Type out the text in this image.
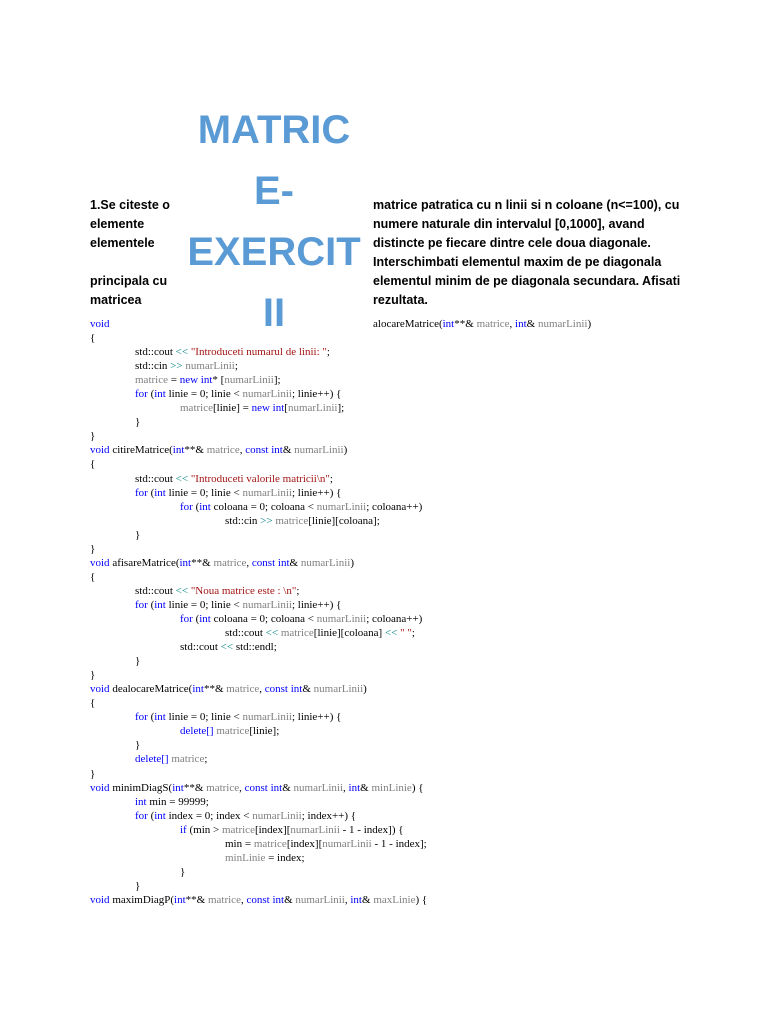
MATRIC
E-
EXERCIT
II
1.Se citeste o
elemente
elementele

principala cu
matricea
matrice patratica cu n linii si n coloane (n<=100), cu
numere naturale din intervalul [0,1000], avand
distincte pe fiecare dintre cele doua diagonale.
Interschimbati elementul maxim de pe diagonala
elementul minim de pe diagonala secundara. Afisati
rezultata.
alocareMatrice(int**& matrice, int& numarLinii)
void
{
std::cout << "Introduceti numarul de linii: ";
std::cin >> numarLinii;
matrice = new int* [numarLinii];
for (int linie = 0; linie < numarLinii; linie++) {
matrice[linie] = new int[numarLinii];
}
}
void citireMatrice(int**& matrice, const int& numarLinii)
{
std::cout << "Introduceti valorile matricii\n";
for (int linie = 0; linie < numarLinii; linie++) {
for (int coloana = 0; coloana < numarLinii; coloana++)
std::cin >> matrice[linie][coloana];
}
}
void afisareMatrice(int**& matrice, const int& numarLinii)
{
std::cout << "Noua matrice este : \n";
for (int linie = 0; linie < numarLinii; linie++) {
for (int coloana = 0; coloana < numarLinii; coloana++)
std::cout << matrice[linie][coloana] << " ";
std::cout << std::endl;
}
}
void dealocareMatrice(int**& matrice, const int& numarLinii)
{
for (int linie = 0; linie < numarLinii; linie++) {
delete[] matrice[linie];
}
delete[] matrice;
}
void minimDiagS(int**& matrice, const int& numarLinii, int& minLinie) {
int min = 99999;
for (int index = 0; index < numarLinii; index++) {
if (min > matrice[index][numarLinii - 1 - index]) {
min = matrice[index][numarLinii - 1 - index];
minLinie = index;
}
}
void maximDiagP(int**& matrice, const int& numarLinii, int& maxLinie) {
